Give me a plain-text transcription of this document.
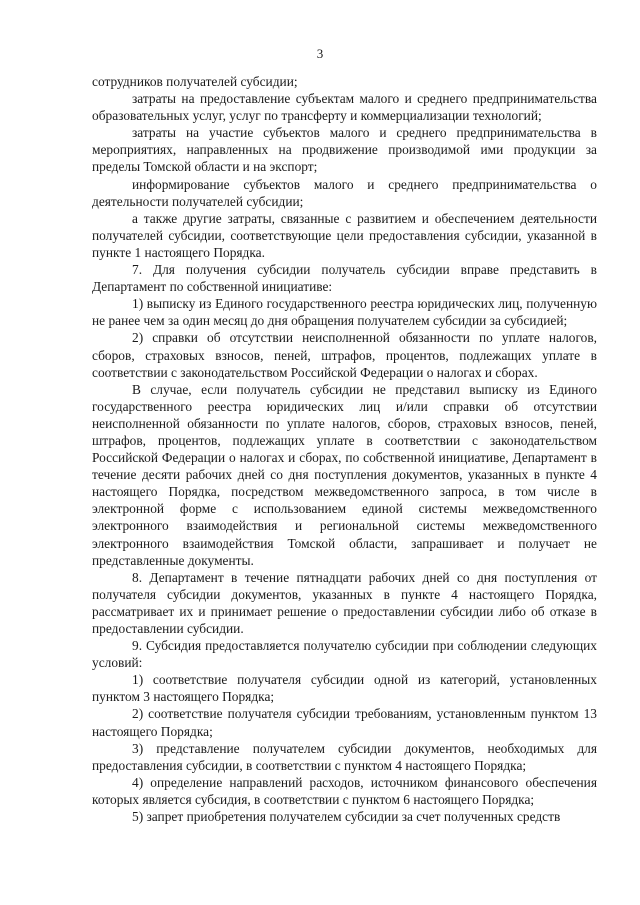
3

сотрудников получателей субсидии;

затраты на предоставление субъектам малого и среднего предпринимательства образовательных услуг, услуг по трансферту и коммерциализации технологий;

затраты на участие субъектов малого и среднего предпринимательства в мероприятиях, направленных на продвижение производимой ими продукции за пределы Томской области и на экспорт;

информирование субъектов малого и среднего предпринимательства о деятельности получателей субсидии;

а также другие затраты, связанные с развитием и обеспечением деятельности получателей субсидии, соответствующие цели предоставления субсидии, указанной в пункте 1 настоящего Порядка.

7. Для получения субсидии получатель субсидии вправе представить в Департамент по собственной инициативе:

1) выписку из Единого государственного реестра юридических лиц, полученную не ранее чем за один месяц до дня обращения получателем субсидии за субсидией;

2) справки об отсутствии неисполненной обязанности по уплате налогов, сборов, страховых взносов, пеней, штрафов, процентов, подлежащих уплате в соответствии с законодательством Российской Федерации о налогах и сборах.

В случае, если получатель субсидии не представил выписку из Единого государственного реестра юридических лиц и/или справки об отсутствии неисполненной обязанности по уплате налогов, сборов, страховых взносов, пеней, штрафов, процентов, подлежащих уплате в соответствии с законодательством Российской Федерации о налогах и сборах, по собственной инициативе, Департамент в течение десяти рабочих дней со дня поступления документов, указанных в пункте 4 настоящего Порядка, посредством межведомственного запроса, в том числе в электронной форме с использованием единой системы межведомственного электронного взаимодействия и региональной системы межведомственного электронного взаимодействия Томской области, запрашивает и получает не представленные документы.

8. Департамент в течение пятнадцати рабочих дней со дня поступления от получателя субсидии документов, указанных в пункте 4 настоящего Порядка, рассматривает их и принимает решение о предоставлении субсидии либо об отказе в предоставлении субсидии.

9. Субсидия предоставляется получателю субсидии при соблюдении следующих условий:

1) соответствие получателя субсидии одной из категорий, установленных пунктом 3 настоящего Порядка;

2) соответствие получателя субсидии требованиям, установленным пунктом 13 настоящего Порядка;

3) представление получателем субсидии документов, необходимых для предоставления субсидии, в соответствии с пунктом 4 настоящего Порядка;

4) определение направлений расходов, источником финансового обеспечения которых является субсидия, в соответствии с пунктом 6 настоящего Порядка;

5) запрет приобретения получателем субсидии за счет полученных средств
